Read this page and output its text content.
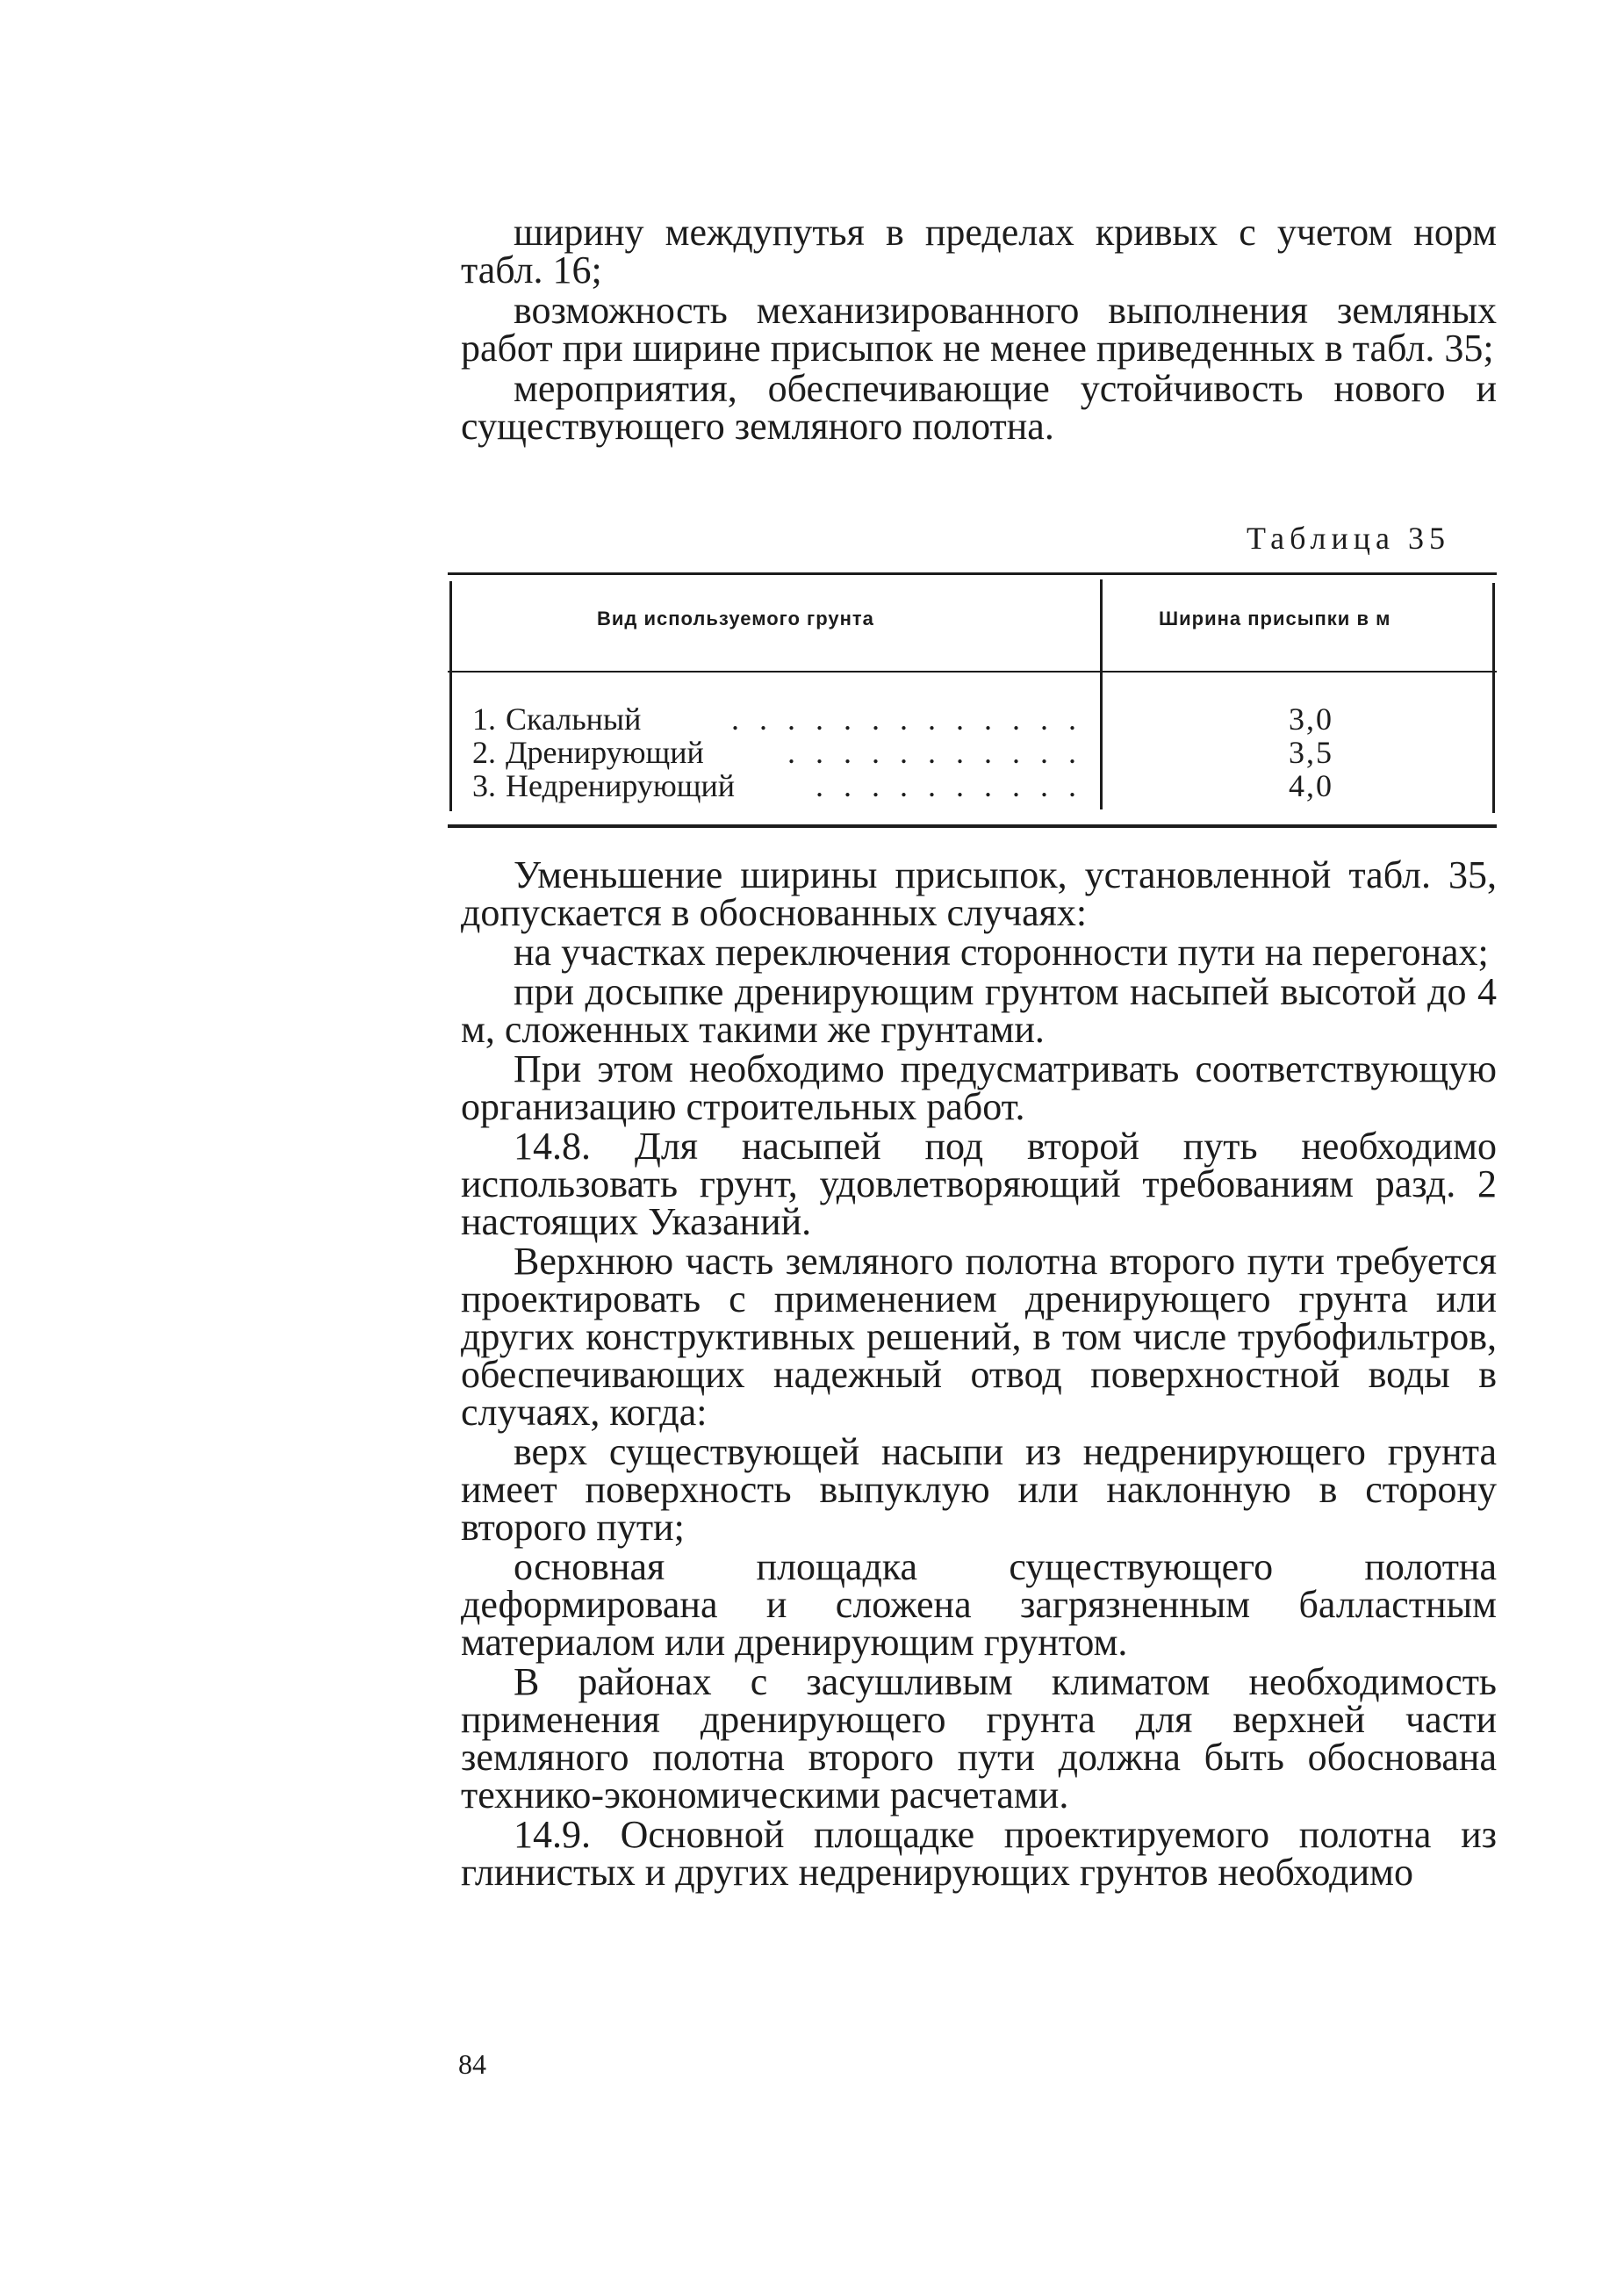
ширину междупутья в пределах кривых с учетом норм табл. 16;

возможность механизированного выполнения земляных работ при ширине присыпок не менее приведенных в табл. 35;

мероприятия, обеспечивающие устойчивость нового и существующего земляного полотна.

Таблица 35
Вид используемого грунта	Ширина присыпки в м
1. Скальный	. . . . . . . . . . . . .	3,0
2. Дренирующий	. . . . . . . . . . .	3,5
3. Недренирующий	. . . . . . . . . .	4,0

Уменьшение ширины присыпок, установленной табл. 35, допускается в обоснованных случаях:

на участках переключения сторонности пути на перегонах;

при досыпке дренирующим грунтом насыпей высотой до 4 м, сложенных такими же грунтами.

При этом необходимо предусматривать соответствующую организацию строительных работ.

14.8. Для насыпей под второй путь необходимо использовать грунт, удовлетворяющий требованиям разд. 2 настоящих Указаний.

Верхнюю часть земляного полотна второго пути требуется проектировать с применением дренирующего грунта или других конструктивных решений, в том числе трубофильтров, обеспечивающих надежный отвод поверхностной воды в случаях, когда:

верх существующей насыпи из недренирующего грунта имеет поверхность выпуклую или наклонную в сторону второго пути;

основная площадка существующего полотна деформирована и сложена загрязненным балластным материалом или дренирующим грунтом.

В районах с засушливым климатом необходимость применения дренирующего грунта для верхней части земляного полотна второго пути должна быть обоснована технико-экономическими расчетами.

14.9. Основной площадке проектируемого полотна из глинистых и других недренирующих грунтов необходимо

84
